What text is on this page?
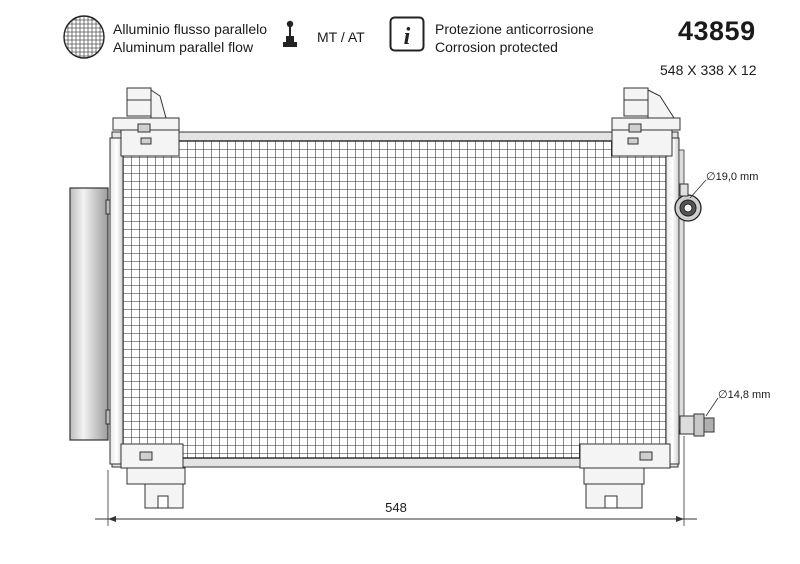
Alluminio flusso parallelo
Aluminum parallel flow
MT / AT i Protezione anticorrosione
Corrosion protected
43859
548 X 338 X 12
∅19,0 mm
∅14,8 mm
548
